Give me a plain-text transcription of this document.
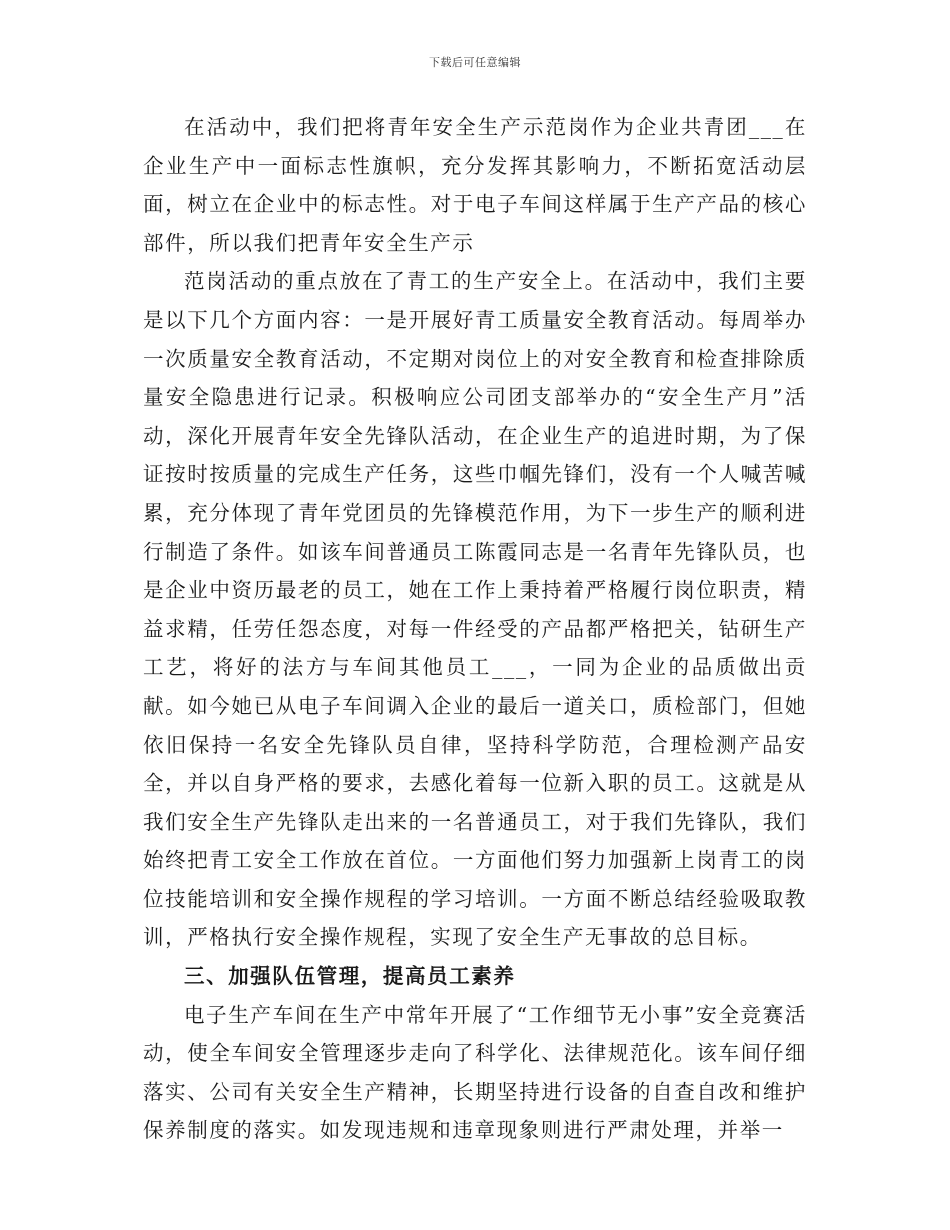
下载后可任意编辑

在活动中，我们把将青年安全生产示范岗作为企业共青团___在企业生产中一面标志性旗帜，充分发挥其影响力，不断拓宽活动层面，树立在企业中的标志性。对于电子车间这样属于生产产品的核心部件，所以我们把青年安全生产示

范岗活动的重点放在了青工的生产安全上。在活动中，我们主要是以下几个方面内容：一是开展好青工质量安全教育活动。每周举办一次质量安全教育活动，不定期对岗位上的对安全教育和检查排除质量安全隐患进行记录。积极响应公司团支部举办的“安全生产月”活动，深化开展青年安全先锋队活动，在企业生产的追进时期，为了保证按时按质量的完成生产任务，这些巾帼先锋们，没有一个人喊苦喊累，充分体现了青年党团员的先锋模范作用，为下一步生产的顺利进行制造了条件。如该车间普通员工陈霞同志是一名青年先锋队员，也是企业中资历最老的员工，她在工作上秉持着严格履行岗位职责，精益求精，任劳任怨态度，对每一件经受的产品都严格把关，钻研生产工艺，将好的法方与车间其他员工___，一同为企业的品质做出贡献。如今她已从电子车间调入企业的最后一道关口，质检部门，但她依旧保持一名安全先锋队员自律，坚持科学防范，合理检测产品安全，并以自身严格的要求，去感化着每一位新入职的员工。这就是从我们安全生产先锋队走出来的一名普通员工，对于我们先锋队，我们始终把青工安全工作放在首位。一方面他们努力加强新上岗青工的岗位技能培训和安全操作规程的学习培训。一方面不断总结经验吸取教训，严格执行安全操作规程，实现了安全生产无事故的总目标。

三、加强队伍管理，提高员工素养

电子生产车间在生产中常年开展了“工作细节无小事”安全竞赛活动，使全车间安全管理逐步走向了科学化、法律规范化。该车间仔细落实、公司有关安全生产精神，长期坚持进行设备的自查自改和维护保养制度的落实。如发现违规和违章现象则进行严肃处理，并举一
